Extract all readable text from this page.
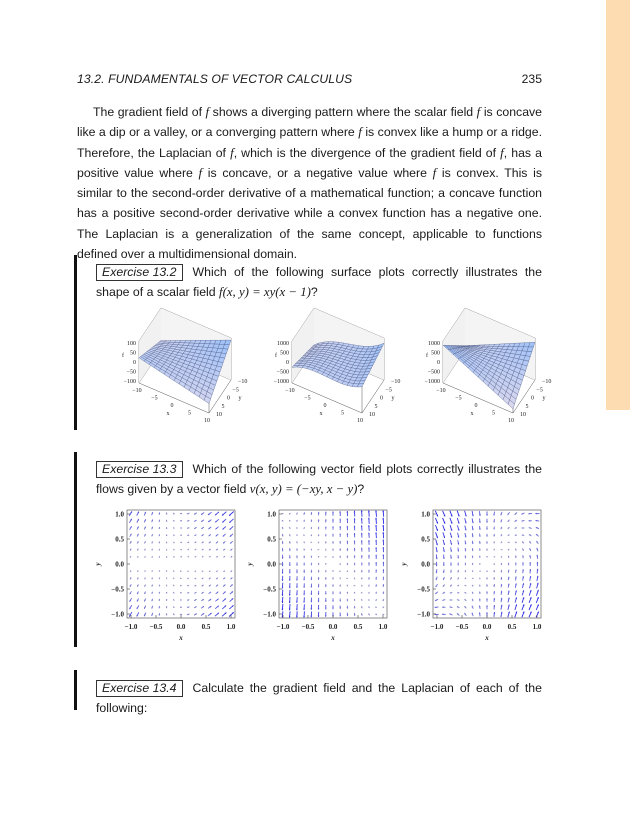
13.2. FUNDAMENTALS OF VECTOR CALCULUS	235
The gradient field of f shows a diverging pattern where the scalar field f is concave like a dip or a valley, or a converging pattern where f is convex like a hump or a ridge. Therefore, the Laplacian of f, which is the divergence of the gradient field of f, has a positive value where f is concave, or a negative value where f is convex. This is similar to the second-order derivative of a mathematical function; a concave function has a positive second-order derivative while a convex function has a negative one. The Laplacian is a generalization of the same concept, applicable to functions defined over a multidimensional domain.
Exercise 13.2 Which of the following surface plots correctly illustrates the shape of a scalar field f(x, y) = xy(x − 1)?
100
50
0
−50
−100
f
−10
−5
0
5
10
x
−10
−5
0
5
10
y
1000
500
0
−500
−1000
f
−10
−5
0
5
10
x
−10
−5
0
5
10
y
1000
500
0
−500
−1000
f
−10
−5
0
5
10
x
−10
−5
0
5
10
y
Exercise 13.3 Which of the following vector field plots correctly illustrates the flows given by a vector field v(x, y) = (−xy, x − y)?
−1.0 −0.5 0.0 0.5 1.0
x
1.0
0.5
0.0
−0.5
−1.0
y
−1.0 −0.5 0.0 0.5 1.0
x
1.0
0.5
0.0
−0.5
−1.0
y
−1.0 −0.5 0.0 0.5 1.0
x
1.0
0.5
0.0
−0.5
−1.0
y
Exercise 13.4 Calculate the gradient field and the Laplacian of each of the following:
